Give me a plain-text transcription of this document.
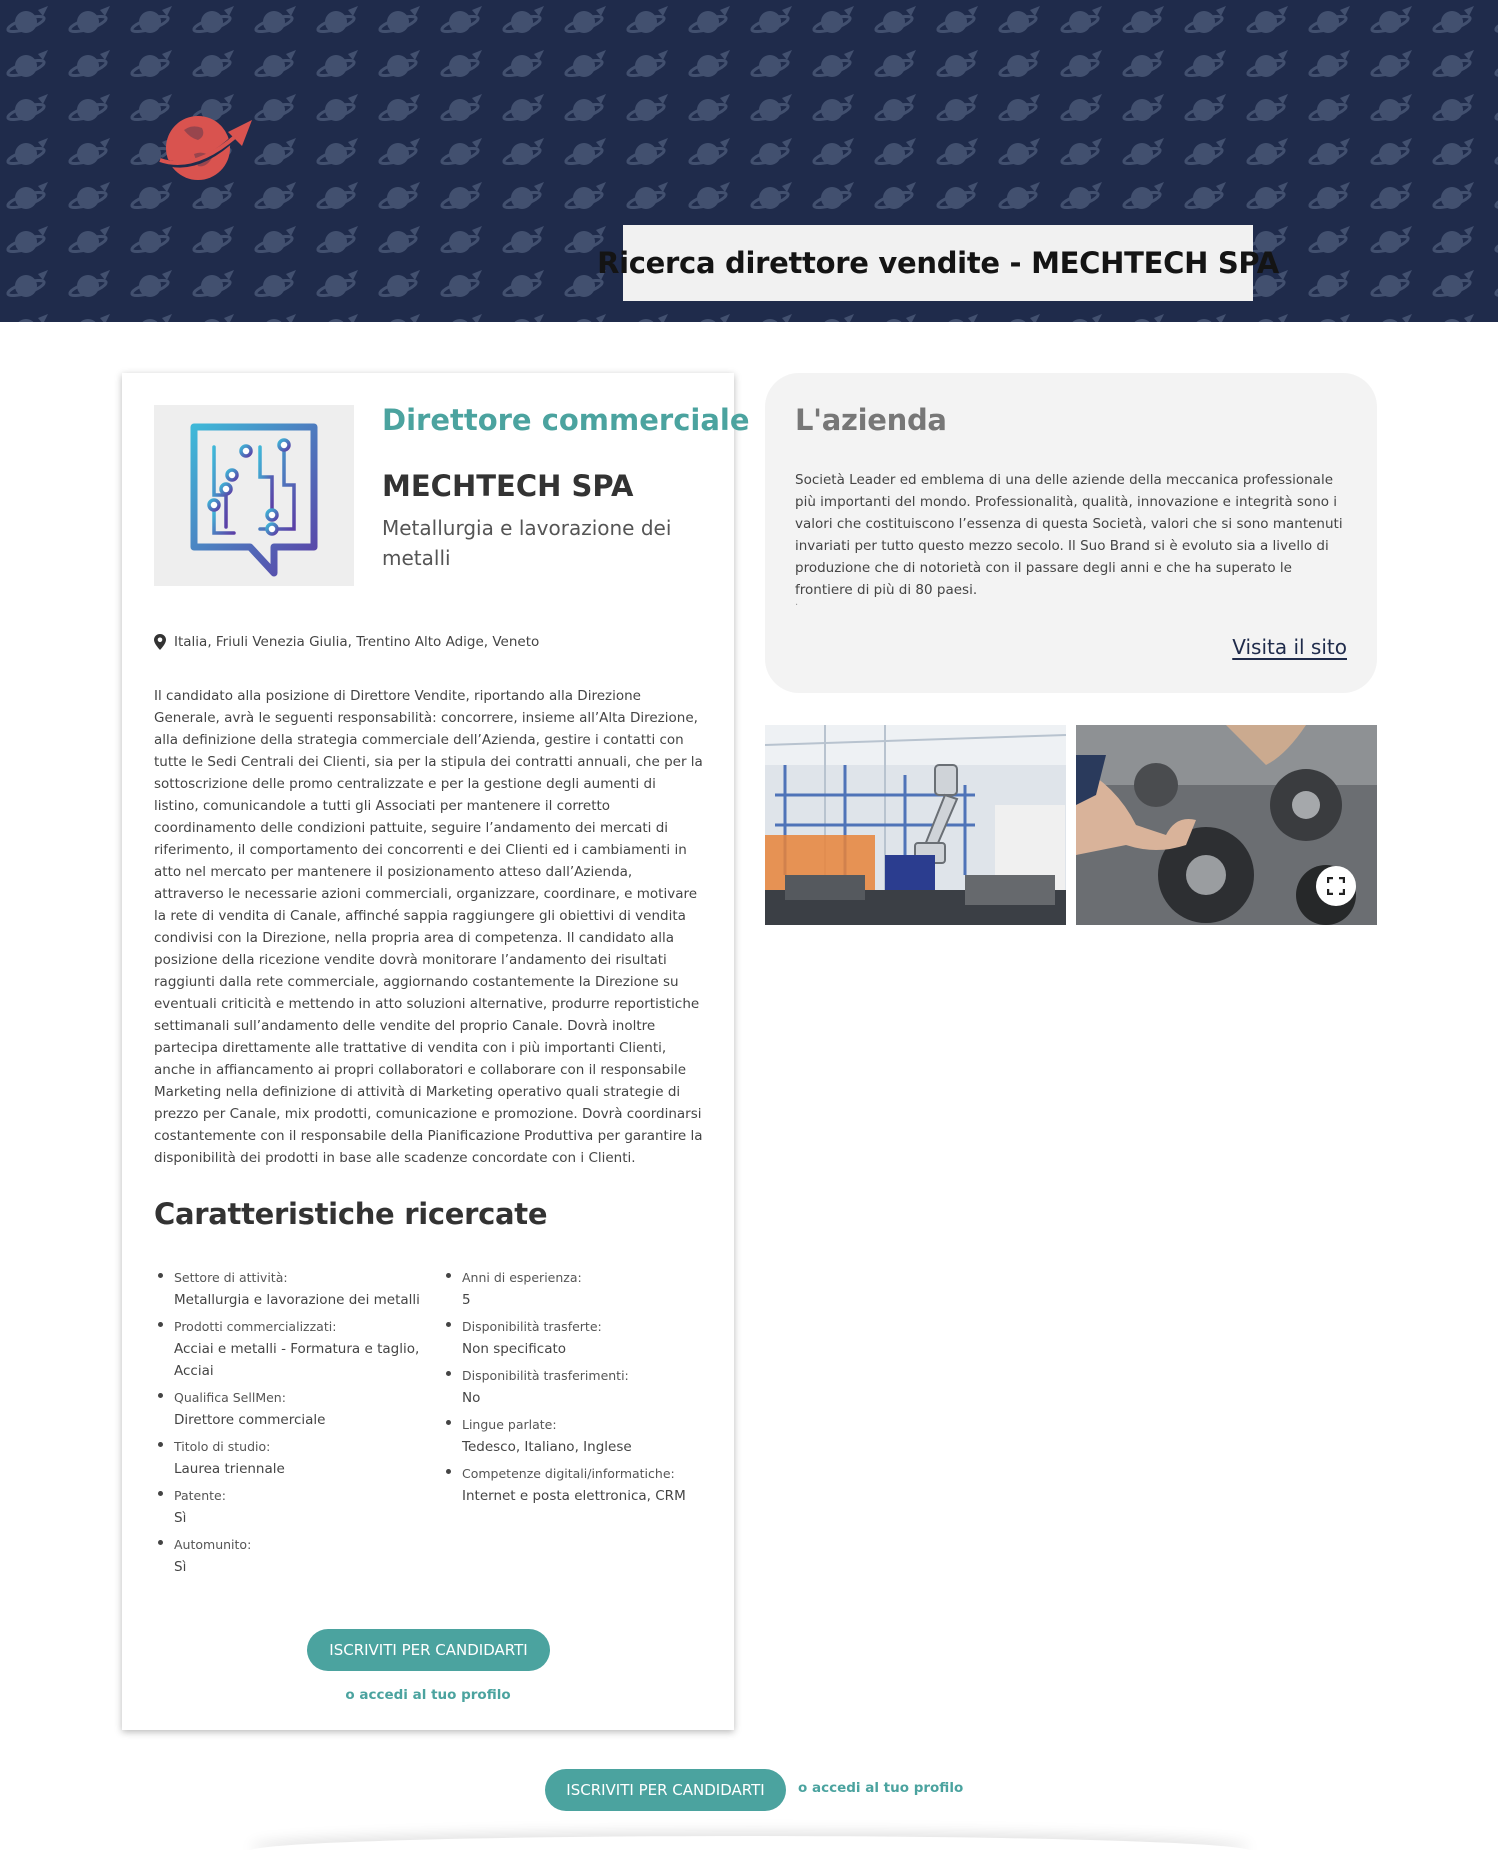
Ricerca direttore vendite - MECHTECH SPA
Direttore commerciale
MECHTECH SPA

Metallurgia e lavorazione dei metalli

Italia, Friuli Venezia Giulia, Trentino Alto Adige, Veneto

Il candidato alla posizione di Direttore Vendite, riportando alla Direzione Generale, avrà le seguenti responsabilità: concorrere, insieme all’Alta Direzione, alla definizione della strategia commerciale dell’Azienda, gestire i contatti con tutte le Sedi Centrali dei Clienti, sia per la stipula dei contratti annuali, che per la sottoscrizione delle promo centralizzate e per la gestione degli aumenti di listino, comunicandole a tutti gli Associati per mantenere il corretto coordinamento delle condizioni pattuite, seguire l’andamento dei mercati di riferimento, il comportamento dei concorrenti e dei Clienti ed i cambiamenti in atto nel mercato per mantenere il posizionamento atteso dall’Azienda, attraverso le necessarie azioni commerciali, organizzare, coordinare, e motivare la rete di vendita di Canale, affinché sappia raggiungere gli obiettivi di vendita condivisi con la Direzione, nella propria area di competenza. Il candidato alla posizione della ricezione vendite dovrà monitorare l’andamento dei risultati raggiunti dalla rete commerciale, aggiornando costantemente la Direzione su eventuali criticità e mettendo in atto soluzioni alternative, produrre reportistiche settimanali sull’andamento delle vendite del proprio Canale. Dovrà inoltre partecipa direttamente alle trattative di vendita con i più importanti Clienti, anche in affiancamento ai propri collaboratori e collaborare con il responsabile Marketing nella definizione di attività di Marketing operativo quali strategie di prezzo per Canale, mix prodotti, comunicazione e promozione. Dovrà coordinarsi costantemente con il responsabile della Pianificazione Produttiva per garantire la disponibilità dei prodotti in base alle scadenze concordate con i Clienti.

Caratteristiche ricercate
Settore di attività:
Metallurgia e lavorazione dei metalli
Prodotti commercializzati:
Acciai e metalli - Formatura e taglio, Acciai
Qualifica SellMen:
Direttore commerciale
Titolo di studio:
Laurea triennale
Patente:
Sì
Automunito:
Sì
Anni di esperienza:
5
Disponibilità trasferte:
Non specificato
Disponibilità trasferimenti:
No
Lingue parlate:
Tedesco, Italiano, Inglese
Competenze digitali/informatiche:
Internet e posta elettronica, CRM
ISCRIVITI PER CANDIDARTI
o accedi al tuo profilo
L'azienda

Società Leader ed emblema di una delle aziende della meccanica professionale più importanti del mondo. Professionalità, qualità, innovazione e integrità sono i valori che costituiscono l’essenza di questa Società, valori che si sono mantenuti invariati per tutto questo mezzo secolo. Il Suo Brand si è evoluto sia a livello di produzione che di notorietà con il passare degli anni e che ha superato le frontiere di più di 80 paesi.

.
Visita il sito
ISCRIVITI PER CANDIDARTI	o accedi al tuo profilo
